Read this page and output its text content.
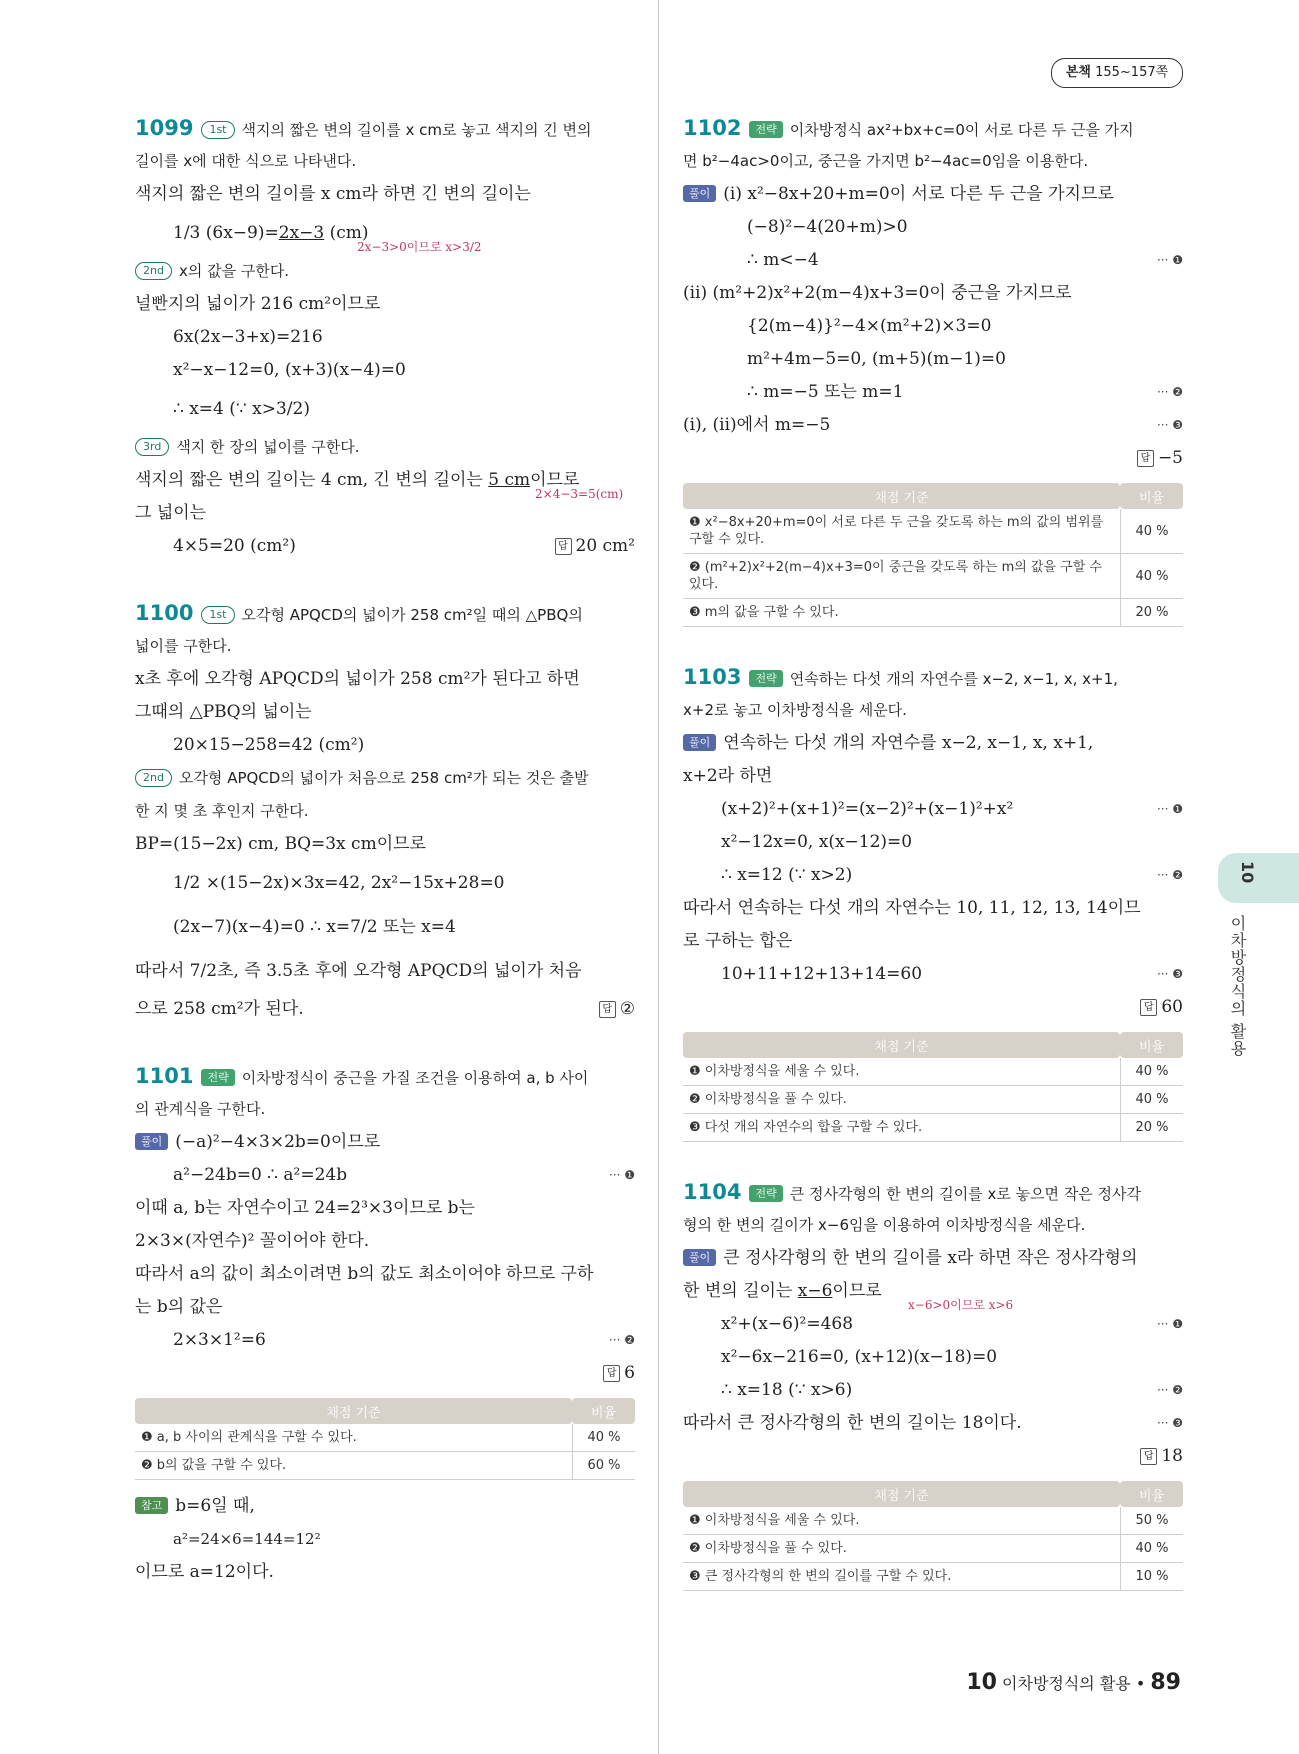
본책 155~157쪽
10
이차방정식의 활용
1099 1st 색지의 짧은 변의 길이를 x cm로 놓고 색지의 긴 변의
길이를 x에 대한 식으로 나타낸다.
색지의 짧은 변의 길이를 x cm라 하면 긴 변의 길이는
1/3 (6x−9)=2x−3 (cm)
2x−3>0이므로 x>3/2
2nd x의 값을 구한다.
널빤지의 넓이가 216 cm²이므로
6x(2x−3+x)=216
x²−x−12=0, (x+3)(x−4)=0
∴ x=4 (∵ x>3/2)
3rd 색지 한 장의 넓이를 구한다.
색지의 짧은 변의 길이는 4 cm, 긴 변의 길이는 5 cm이므로
2×4−3=5(cm)
그 넓이는
4×5=20 (cm²)	답 20 cm²
1100 1st 오각형 APQCD의 넓이가 258 cm²일 때의 △PBQ의
넓이를 구한다.
x초 후에 오각형 APQCD의 넓이가 258 cm²가 된다고 하면
그때의 △PBQ의 넓이는
20×15−258=42 (cm²)
2nd 오각형 APQCD의 넓이가 처음으로 258 cm²가 되는 것은 출발
한 지 몇 초 후인지 구한다.
BP=(15−2x) cm, BQ=3x cm이므로
1/2 ×(15−2x)×3x=42, 2x²−15x+28=0
(2x−7)(x−4)=0 ∴ x=7/2 또는 x=4
따라서 7/2초, 즉 3.5초 후에 오각형 APQCD의 넓이가 처음
으로 258 cm²가 된다.	답 ②
1101 전략 이차방정식이 중근을 가질 조건을 이용하여 a, b 사이
의 관계식을 구한다.
풀이 (−a)²−4×3×2b=0이므로
a²−24b=0 ∴ a²=24b	··· ❶
이때 a, b는 자연수이고 24=2³×3이므로 b는
2×3×(자연수)² 꼴이어야 한다.
따라서 a의 값이 최소이려면 b의 값도 최소이어야 하므로 구하
는 b의 값은
2×3×1²=6	··· ❷
답 6
채점 기준	비율
❶ a, b 사이의 관계식을 구할 수 있다.	40 %
❷ b의 값을 구할 수 있다.	60 %
참고 b=6일 때,
a²=24×6=144=12²
이므로 a=12이다.
1102 전략 이차방정식 ax²+bx+c=0이 서로 다른 두 근을 가지
면 b²−4ac>0이고, 중근을 가지면 b²−4ac=0임을 이용한다.
풀이 (ⅰ) x²−8x+20+m=0이 서로 다른 두 근을 가지므로
(−8)²−4(20+m)>0
∴ m<−4	··· ❶
(ⅱ) (m²+2)x²+2(m−4)x+3=0이 중근을 가지므로
{2(m−4)}²−4×(m²+2)×3=0
m²+4m−5=0, (m+5)(m−1)=0
∴ m=−5 또는 m=1	··· ❷
(ⅰ), (ⅱ)에서 m=−5	··· ❸
답 −5
채점 기준	비율
❶ x²−8x+20+m=0이 서로 다른 두 근을 갖도록 하는 m의 값의 범위를 구할 수 있다.	40 %
❷ (m²+2)x²+2(m−4)x+3=0이 중근을 갖도록 하는 m의 값을 구할 수 있다.	40 %
❸ m의 값을 구할 수 있다.	20 %
1103 전략 연속하는 다섯 개의 자연수를 x−2, x−1, x, x+1,
x+2로 놓고 이차방정식을 세운다.
풀이 연속하는 다섯 개의 자연수를 x−2, x−1, x, x+1,
x+2라 하면
(x+2)²+(x+1)²=(x−2)²+(x−1)²+x²	··· ❶
x²−12x=0, x(x−12)=0
∴ x=12 (∵ x>2)	··· ❷
따라서 연속하는 다섯 개의 자연수는 10, 11, 12, 13, 14이므
로 구하는 합은
10+11+12+13+14=60	··· ❸
답 60
채점 기준	비율
❶ 이차방정식을 세울 수 있다.	40 %
❷ 이차방정식을 풀 수 있다.	40 %
❸ 다섯 개의 자연수의 합을 구할 수 있다.	20 %
1104 전략 큰 정사각형의 한 변의 길이를 x로 놓으면 작은 정사각
형의 한 변의 길이가 x−6임을 이용하여 이차방정식을 세운다.
풀이 큰 정사각형의 한 변의 길이를 x라 하면 작은 정사각형의
한 변의 길이는 x−6이므로
x−6>0이므로 x>6
x²+(x−6)²=468	··· ❶
x²−6x−216=0, (x+12)(x−18)=0
∴ x=18 (∵ x>6)	··· ❷
따라서 큰 정사각형의 한 변의 길이는 18이다.	··· ❸
답 18
채점 기준	비율
❶ 이차방정식을 세울 수 있다.	50 %
❷ 이차방정식을 풀 수 있다.	40 %
❸ 큰 정사각형의 한 변의 길이를 구할 수 있다.	10 %
10 이차방정식의 활용 • 89
